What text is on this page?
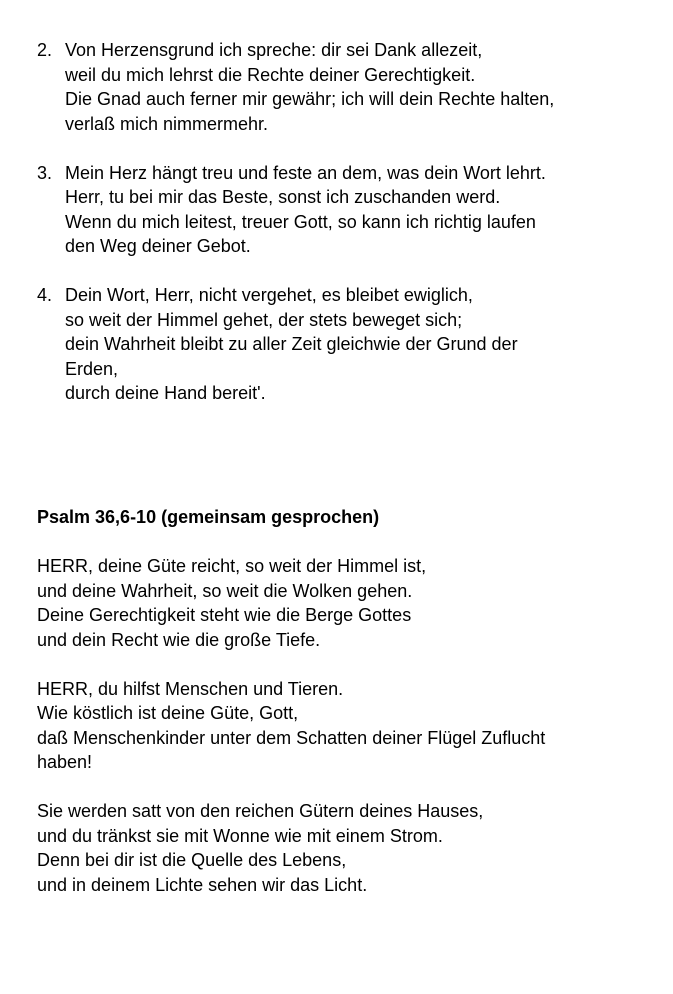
2. Von Herzensgrund ich spreche: dir sei Dank allezeit,
weil du mich lehrst die Rechte deiner Gerechtigkeit.
Die Gnad auch ferner mir gewähr; ich will dein Rechte halten,
verlaß mich nimmermehr.
3. Mein Herz hängt treu und feste an dem, was dein Wort lehrt.
Herr, tu bei mir das Beste, sonst ich zuschanden werd.
Wenn du mich leitest, treuer Gott, so kann ich richtig laufen
den Weg deiner Gebot.
4. Dein Wort, Herr, nicht vergehet, es bleibet ewiglich,
so weit der Himmel gehet, der stets beweget sich;
dein Wahrheit bleibt zu aller Zeit gleichwie der Grund der
Erden,
durch deine Hand bereit'.
Psalm 36,6-10 (gemeinsam gesprochen)
HERR, deine Güte reicht, so weit der Himmel ist,
und deine Wahrheit, so weit die Wolken gehen.
Deine Gerechtigkeit steht wie die Berge Gottes
und dein Recht wie die große Tiefe.
HERR, du hilfst Menschen und Tieren.
Wie köstlich ist deine Güte, Gott,
daß Menschenkinder unter dem Schatten deiner Flügel Zuflucht
haben!
Sie werden satt von den reichen Gütern deines Hauses,
und du tränkst sie mit Wonne wie mit einem Strom.
Denn bei dir ist die Quelle des Lebens,
und in deinem Lichte sehen wir das Licht.
